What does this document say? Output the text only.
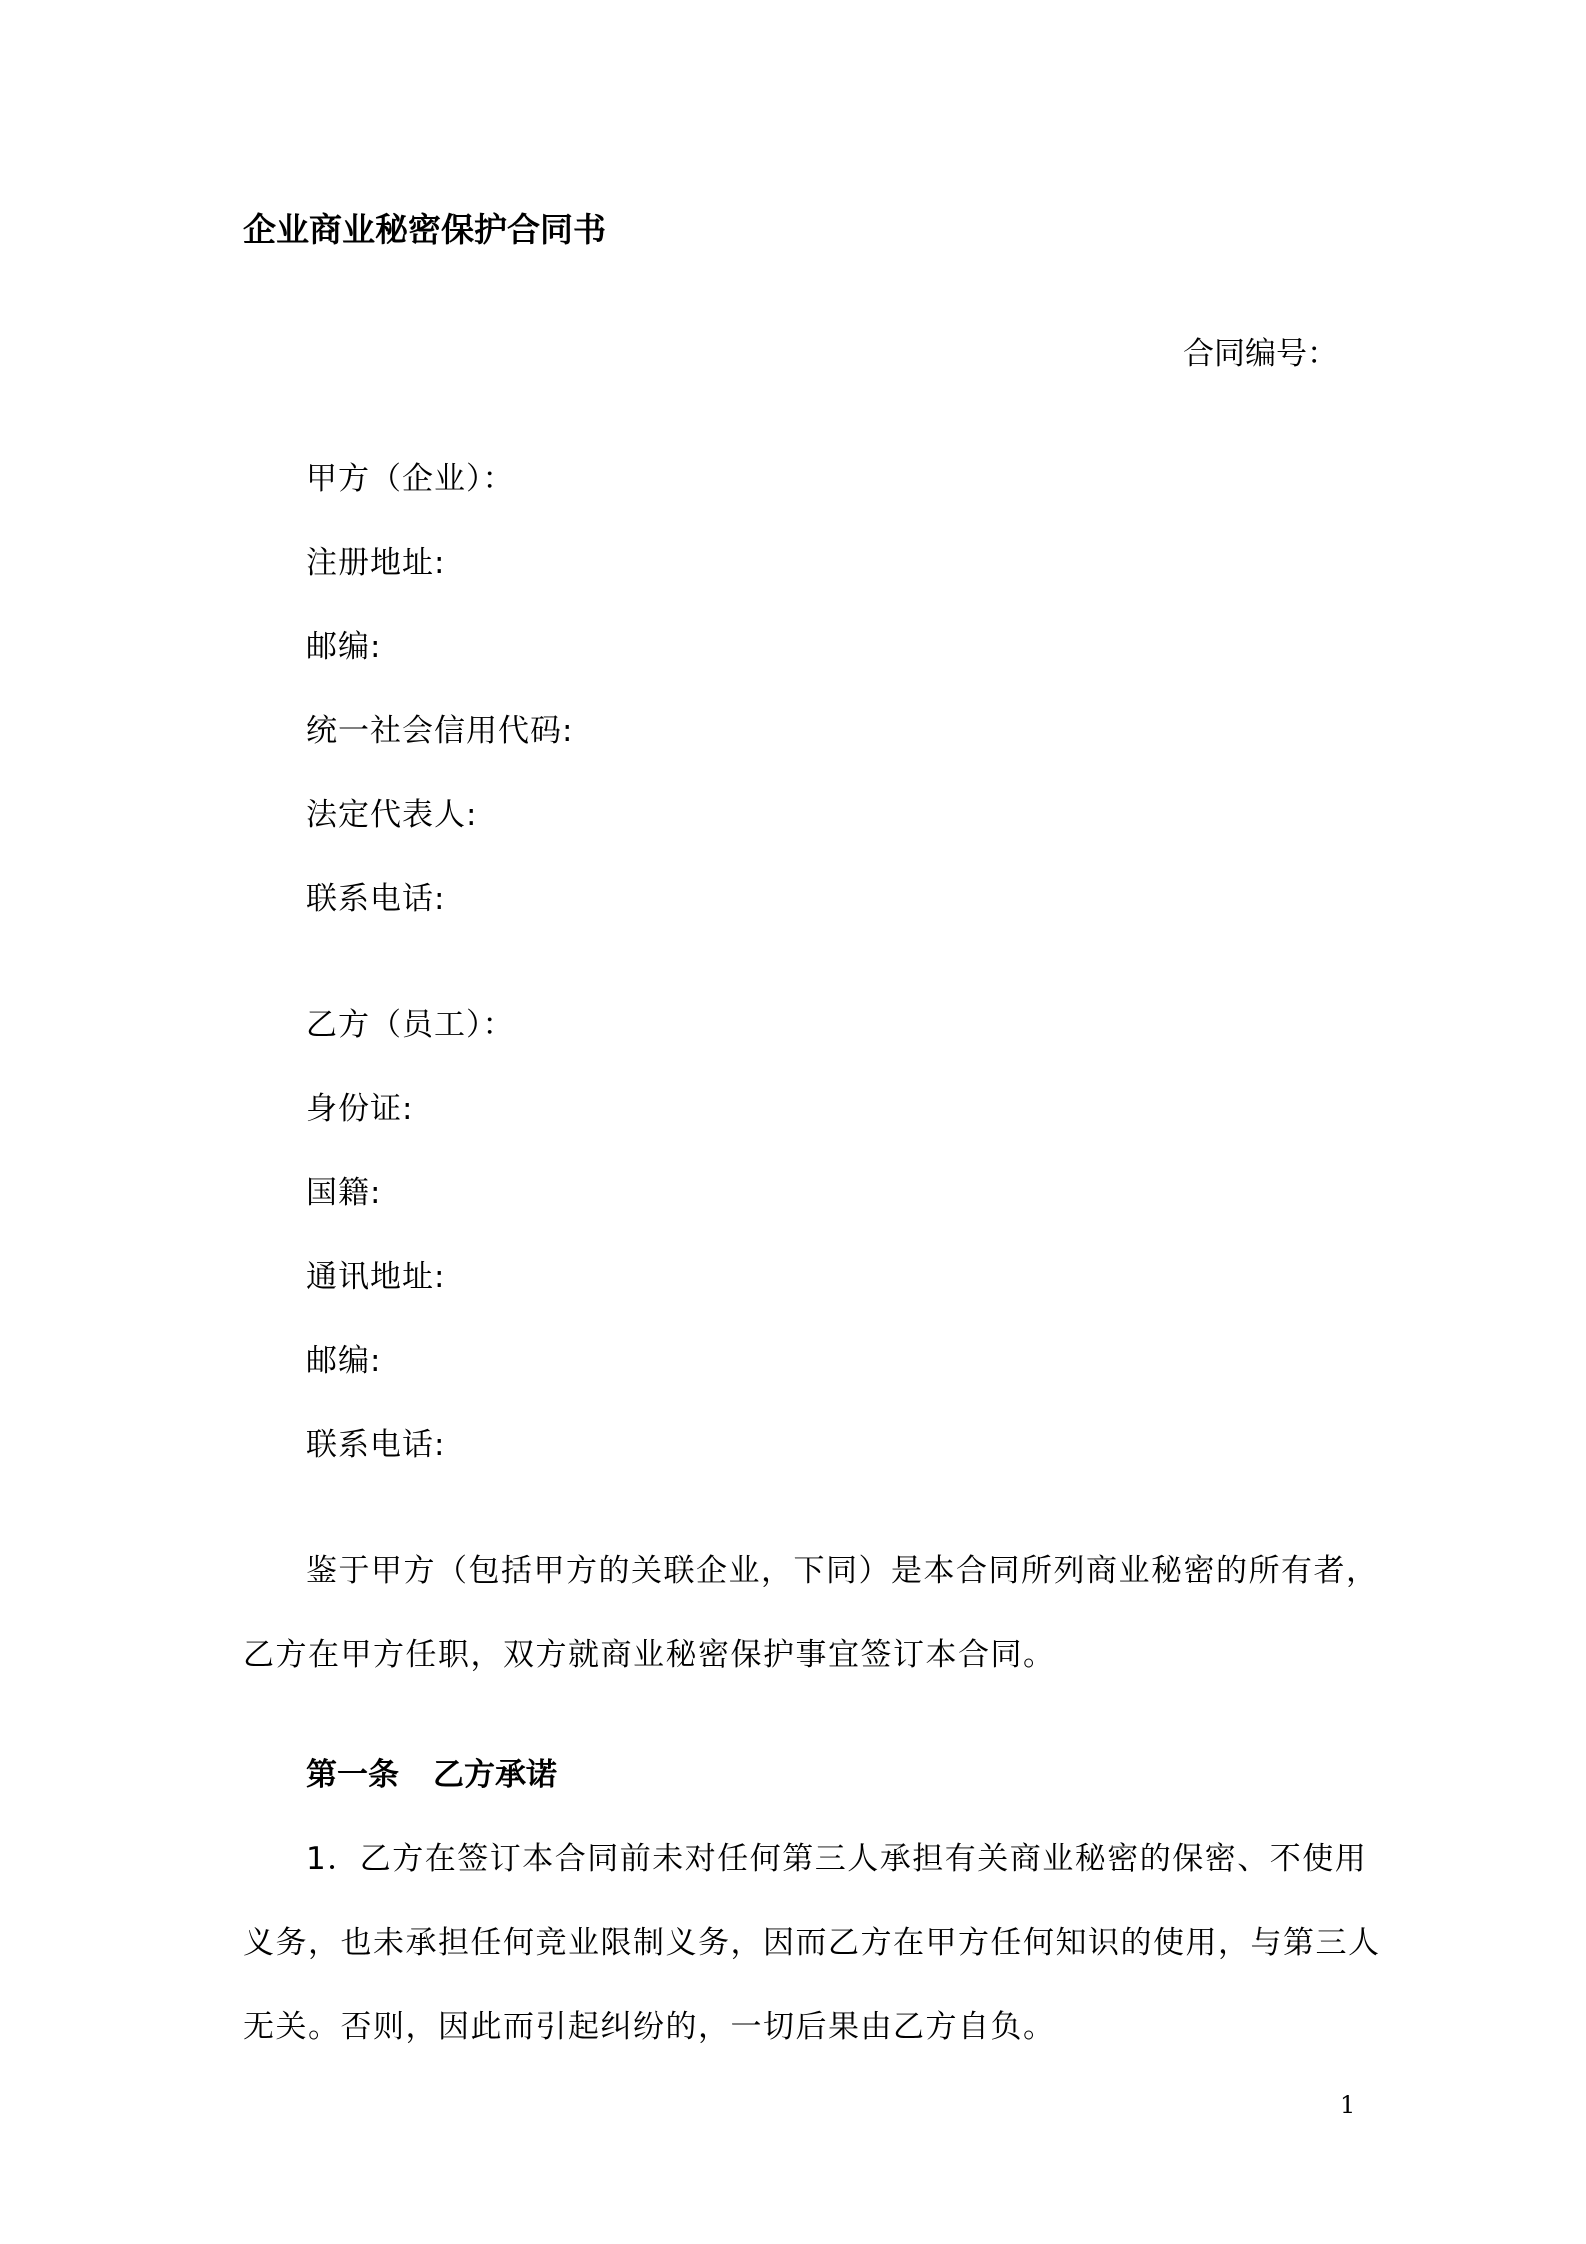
企业商业秘密保护合同书
合同编号：
甲方（企业）：
注册地址:
邮编:
统一社会信用代码:
法定代表人:
联系电话:
乙方（员工）：
身份证:
国籍:
通讯地址:
邮编:
联系电话:
鉴于甲方（包括甲方的关联企业，下同）是本合同所列商业秘密的所有者，
乙方在甲方任职，双方就商业秘密保护事宜签订本合同。
第一条 乙方承诺
1．乙方在签订本合同前未对任何第三人承担有关商业秘密的保密、不使用
义务，也未承担任何竞业限制义务，因而乙方在甲方任何知识的使用，与第三人
无关。否则，因此而引起纠纷的，一切后果由乙方自负。
1
